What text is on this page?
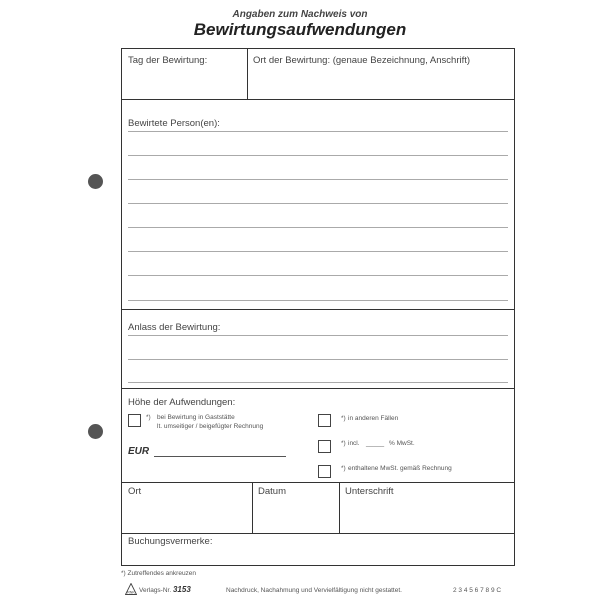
Angaben zum Nachweis von
Bewirtungsaufwendungen
Tag der Bewirtung:	Ort der Bewirtung: (genaue Bezeichnung, Anschrift)
Bewirtete Person(en):
Anlass der Bewirtung:
Höhe der Aufwendungen:
*) bei Bewirtung in Gaststätte
lt. umseitiger / beigefügter Rechnung
EUR
*) in anderen Fällen
*) incl. _____ % MwSt.
*) enthaltene MwSt. gemäß Rechnung
Ort	Datum	Unterschrift
Buchungsvermerke:
*) Zutreffendes ankreuzen
RNK Verlags-Nr. 3153	Nachdruck, Nachahmung und Vervielfältigung nicht gestattet.	2 3 4 5 6 7 8 9 C
